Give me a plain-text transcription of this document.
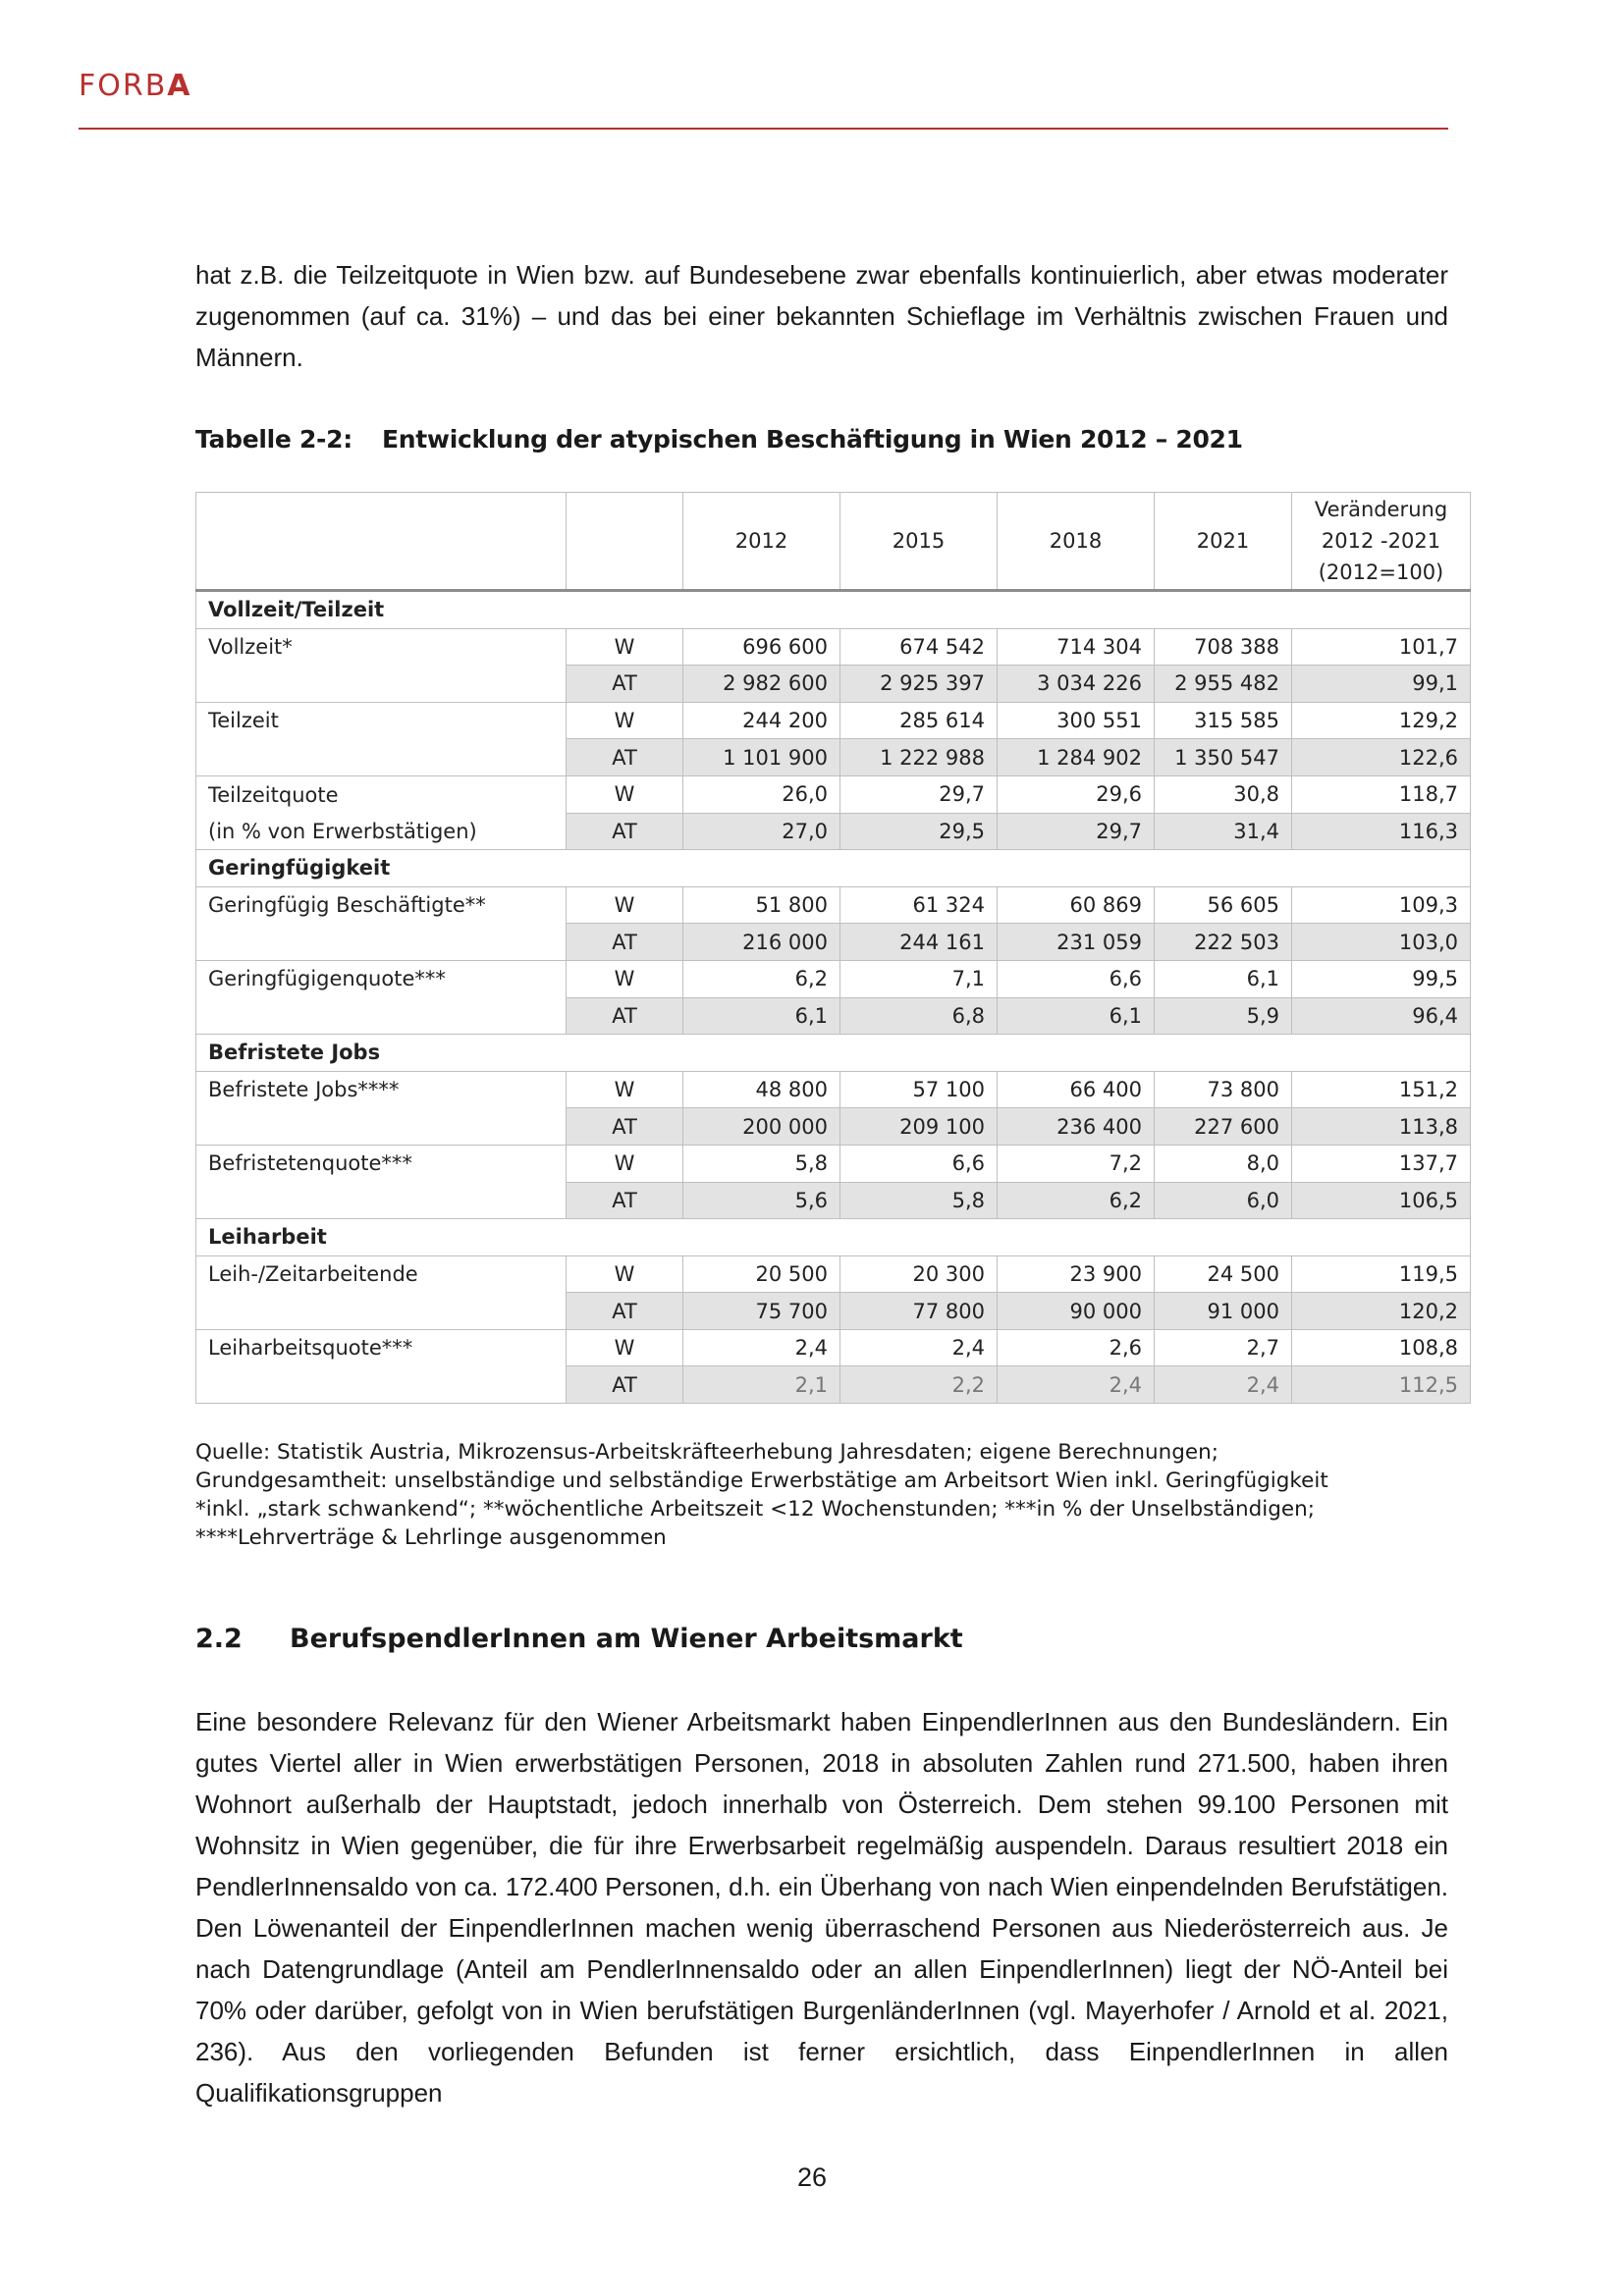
FORBA

hat z.B. die Teilzeitquote in Wien bzw. auf Bundesebene zwar ebenfalls kontinuierlich, aber etwas moderater zugenommen (auf ca. 31%) – und das bei einer bekannten Schieflage im Verhältnis zwischen Frauen und Männern.

Tabelle 2-2: Entwicklung der atypischen Beschäftigung in Wien 2012 – 2021
		2012	2015	2018	2021	Veränderung
2012 -2021
(2012=100)

Vollzeit/Teilzeit						
Vollzeit*	W	696 600	674 542	714 304	708 388	101,7
	AT	2 982 600	2 925 397	3 034 226	2 955 482	99,1
Teilzeit	W	244 200	285 614	300 551	315 585	129,2
	AT	1 101 900	1 222 988	1 284 902	1 350 547	122,6
Teilzeitquote	W	26,0	29,7	29,6	30,8	118,7
(in % von Erwerbstätigen)	AT	27,0	29,5	29,7	31,4	116,3
Geringfügigkeit						
Geringfügig Beschäftigte**	W	51 800	61 324	60 869	56 605	109,3
	AT	216 000	244 161	231 059	222 503	103,0
Geringfügigenquote***	W	6,2	7,1	6,6	6,1	99,5
	AT	6,1	6,8	6,1	5,9	96,4
Befristete Jobs						
Befristete Jobs****	W	48 800	57 100	66 400	73 800	151,2
	AT	200 000	209 100	236 400	227 600	113,8
Befristetenquote***	W	5,8	6,6	7,2	8,0	137,7
	AT	5,6	5,8	6,2	6,0	106,5
Leiharbeit						
Leih-/Zeitarbeitende	W	20 500	20 300	23 900	24 500	119,5
	AT	75 700	77 800	90 000	91 000	120,2
Leiharbeitsquote***	W	2,4	2,4	2,6	2,7	108,8
	AT	2,1	2,2	2,4	2,4	112,5

Quelle: Statistik Austria, Mikrozensus-Arbeitskräfteerhebung Jahresdaten; eigene Berechnungen;

Grundgesamtheit: unselbständige und selbständige Erwerbstätige am Arbeitsort Wien inkl. Geringfügigkeit

*inkl. „stark schwankend“; **wöchentliche Arbeitszeit <12 Wochenstunden; ***in % der Unselbständigen;

****Lehrverträge & Lehrlinge ausgenommen

2.2 BerufspendlerInnen am Wiener Arbeitsmarkt

Eine besondere Relevanz für den Wiener Arbeitsmarkt haben EinpendlerInnen aus den Bundesländern. Ein gutes Viertel aller in Wien erwerbstätigen Personen, 2018 in absoluten Zahlen rund 271.500, haben ihren Wohnort außerhalb der Hauptstadt, jedoch innerhalb von Österreich. Dem stehen 99.100 Personen mit Wohnsitz in Wien gegenüber, die für ihre Erwerbsarbeit regelmäßig auspendeln. Daraus resultiert 2018 ein PendlerInnensaldo von ca. 172.400 Personen, d.h. ein Überhang von nach Wien einpendelnden Berufstätigen. Den Löwenanteil der EinpendlerInnen machen wenig überraschend Personen aus Niederösterreich aus. Je nach Datengrundlage (Anteil am PendlerInnensaldo oder an allen EinpendlerInnen) liegt der NÖ-Anteil bei 70% oder darüber, gefolgt von in Wien berufstätigen BurgenländerInnen (vgl. Mayerhofer / Arnold et al. 2021, 236). Aus den vorliegenden Befunden ist ferner ersichtlich, dass EinpendlerInnen in allen Qualifikationsgruppen

26
